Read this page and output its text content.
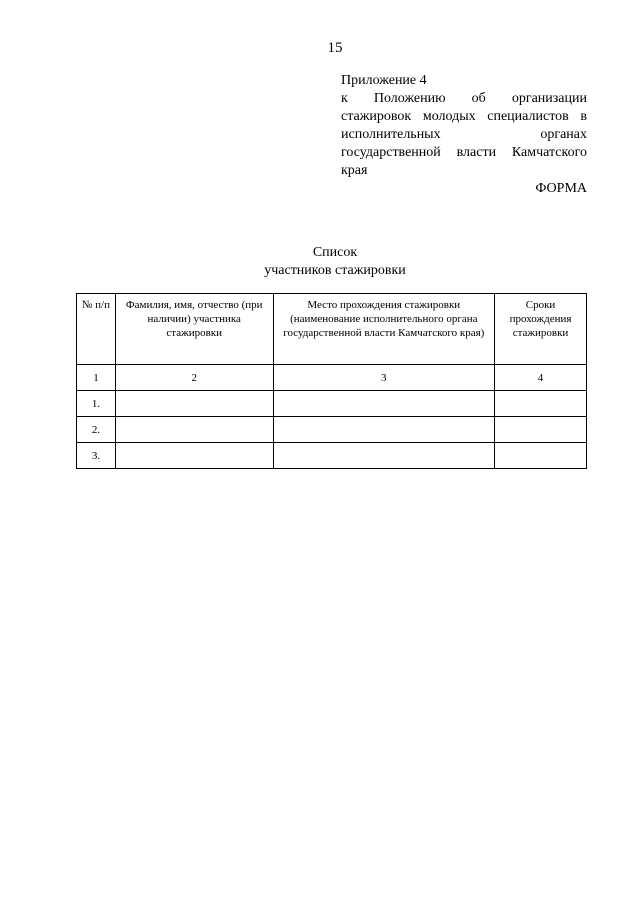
15
Приложение 4
к Положению об организации
стажировок молодых специалистов в
исполнительных органах
государственной власти Камчатского
края
ФОРМА
Список
участников стажировки
№ п/п	Фамилия, имя, отчество (при наличии) участника стажировки	Место прохождения стажировки (наименование исполнительного органа государственной власти Камчатского края)	Сроки прохождения стажировки
1	2	3	4
1.			
2.			
3.			
